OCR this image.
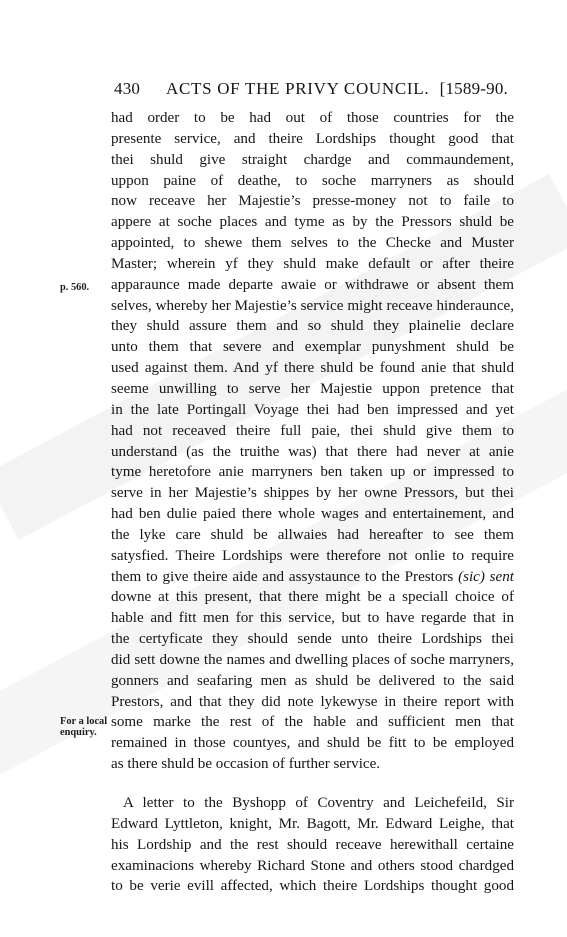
430 ACTS OF THE PRIVY COUNCIL. [1589-90.
p. 560.
For a local enquiry.
had order to be had out of those countries for the
presente service, and theire Lordships thought good that
thei shuld give straight chardge and commaundement,
uppon paine of deathe, to soche marryners as should
now receave her Majestie’s presse-money not to faile to
appere at soche places and tyme as by the Pressors shuld be
appointed, to shewe them selves to the Checke and Muster
Master; wherein yf they shuld make default or after theire
apparaunce made departe awaie or withdrawe or absent them
selves, whereby her Majestie’s service might receave hinderaunce,
they shuld assure them and so shuld they plainelie declare
unto them that severe and exemplar punyshment shuld be
used against them. And yf there shuld be found anie that shuld
seeme unwilling to serve her Majestie uppon pretence that
in the late Portingall Voyage thei had ben impressed and yet
had not receaved theire full paie, thei shuld give them to
understand (as the truithe was) that there had never at anie
tyme heretofore anie marryners ben taken up or impressed to
serve in her Majestie’s shippes by her owne Pressors, but thei
had ben dulie paied there whole wages and entertainement, and
the lyke care shuld be allwaies had hereafter to see them
satysfied. Theire Lordships were therefore not onlie to require
them to give theire aide and assystaunce to the Prestors (sic) sent
downe at this present, that there might be a speciall choice of
hable and fitt men for this service, but to have regarde that in
the certyficate they should sende unto theire Lordships thei
did sett downe the names and dwelling places of soche marryners,
gonners and seafaring men as shuld be delivered to the said
Prestors, and that they did note lykewyse in theire report with
some marke the rest of the hable and sufficient men that
remained in those countyes, and shuld be fitt to be employed
as there shuld be occasion of further service.
A letter to the Byshopp of Coventry and Leichefeild, Sir
Edward Lyttleton, knight, Mr. Bagott, Mr. Edward Leighe, that
his Lordship and the rest should receave herewithall certaine
examinacions whereby Richard Stone and others stood chardged
to be verie evill affected, which theire Lordships thought good
